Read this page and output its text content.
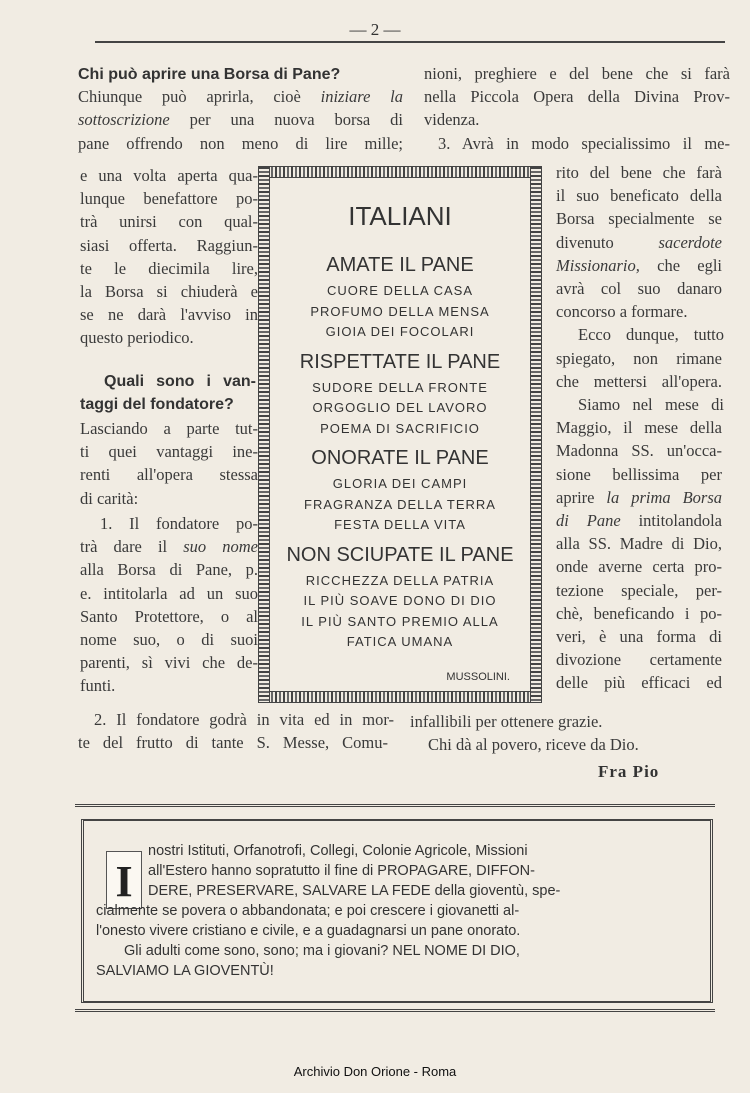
— 2 —
Chi può aprire una Borsa di Pane?
Chiunque può aprirla, cioè iniziare la
sottoscrizione per una nuova borsa di
pane offrendo non meno di lire mille;
e una volta aperta qua-
lunque benefattore po-
trà unirsi con qual-
siasi offerta. Raggiun-
te le diecimila lire,
la Borsa si chiuderà e
se ne darà l'avviso in
questo periodico.
Quali sono i van-
taggi del fondatore?
Lasciando a parte tut-
ti quei vantaggi ine-
renti all'opera stessa
di carità:
1. Il fondatore po-
trà dare il suo nome
alla Borsa di Pane, p.
e. intitolarla ad un suo
Santo Protettore, o al
nome suo, o di suoi
parenti, sì vivi che de-
funti.
2. Il fondatore godrà in vita ed in mor-
te del frutto di tante S. Messe, Comu-
nioni, preghiere e del bene che si farà
nella Piccola Opera della Divina Prov-
videnza.
3. Avrà in modo specialissimo il me-
rito del bene che farà
il suo beneficato della
Borsa specialmente se
divenuto sacerdote
Missionario, che egli
avrà col suo danaro
concorso a formare.
Ecco dunque, tutto
spiegato, non rimane
che mettersi all'opera.
Siamo nel mese di
Maggio, il mese della
Madonna SS. un'occa-
sione bellissima per
aprire la prima Borsa
di Pane intitolandola
alla SS. Madre di Dio,
onde averne certa pro-
tezione speciale, per-
chè, beneficando i po-
veri, è una forma di
divozione certamente
delle più efficaci ed
infallibili per ottenere grazie.
Chi dà al povero, riceve da Dio.
ITALIANI
AMATE IL PANE
CUORE DELLA CASA
PROFUMO DELLA MENSA
GIOIA DEI FOCOLARI
RISPETTATE IL PANE
SUDORE DELLA FRONTE
ORGOGLIO DEL LAVORO
POEMA DI SACRIFICIO
ONORATE IL PANE
GLORIA DEI CAMPI
FRAGRANZA DELLA TERRA
FESTA DELLA VITA
NON SCIUPATE IL PANE
RICCHEZZA DELLA PATRIA
IL PIÙ SOAVE DONO DI DIO
IL PIÙ SANTO PREMIO ALLA
FATICA UMANA
MUSSOLINI.
Fra Pio
I
nostri Istituti, Orfanotrofi, Collegi, Colonie Agricole, Missioni
all'Estero hanno sopratutto il fine di PROPAGARE, DIFFON-
DERE, PRESERVARE, SALVARE LA FEDE della gioventù, spe-
cialmente se povera o abbandonata; e poi crescere i giovanetti al-
l'onesto vivere cristiano e civile, e a guadagnarsi un pane onorato.
Gli adulti come sono, sono; ma i giovani? NEL NOME DI DIO,
SALVIAMO LA GIOVENTÙ!
Archivio Don Orione - Roma
